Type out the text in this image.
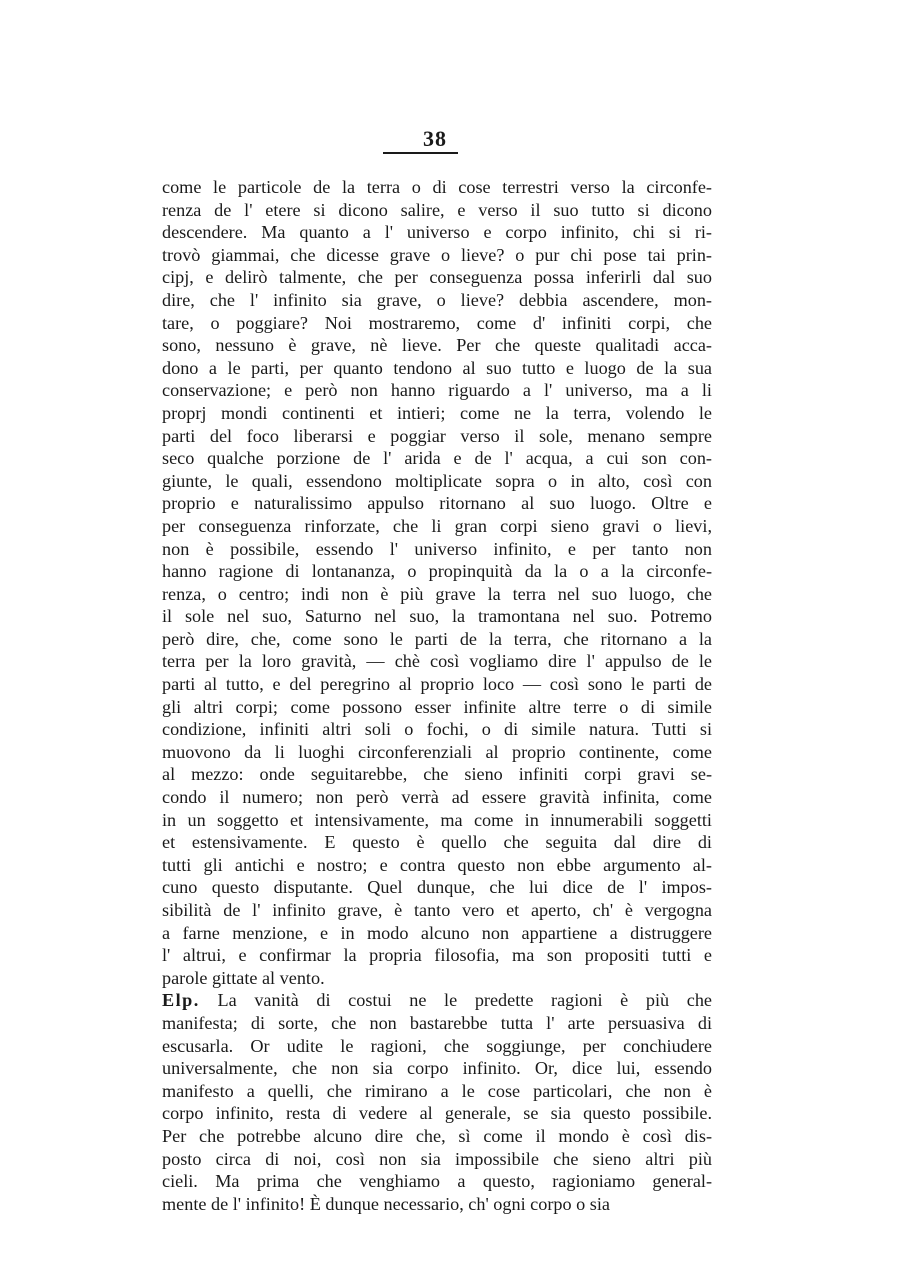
38
come le particole de la terra o di cose terrestri verso la circonfe-
renza de l' etere si dicono salire, e verso il suo tutto si dicono
descendere. Ma quanto a l' universo e corpo infinito, chi si ri-
trovò giammai, che dicesse grave o lieve? o pur chi pose tai prin-
cipj, e delirò talmente, che per conseguenza possa inferirli dal suo
dire, che l' infinito sia grave, o lieve? debbia ascendere, mon-
tare, o poggiare? Noi mostraremo, come d' infiniti corpi, che
sono, nessuno è grave, nè lieve. Per che queste qualitadi acca-
dono a le parti, per quanto tendono al suo tutto e luogo de la sua
conservazione; e però non hanno riguardo a l' universo, ma a li
proprj mondi continenti et intieri; come ne la terra, volendo le
parti del foco liberarsi e poggiar verso il sole, menano sempre
seco qualche porzione de l' arida e de l' acqua, a cui son con-
giunte, le quali, essendono moltiplicate sopra o in alto, così con
proprio e naturalissimo appulso ritornano al suo luogo. Oltre e
per conseguenza rinforzate, che li gran corpi sieno gravi o lievi,
non è possibile, essendo l' universo infinito, e per tanto non
hanno ragione di lontananza, o propinquità da la o a la circonfe-
renza, o centro; indi non è più grave la terra nel suo luogo, che
il sole nel suo, Saturno nel suo, la tramontana nel suo. Potremo
però dire, che, come sono le parti de la terra, che ritornano a la
terra per la loro gravità, — chè così vogliamo dire l' appulso de le
parti al tutto, e del peregrino al proprio loco — così sono le parti de
gli altri corpi; come possono esser infinite altre terre o di simile
condizione, infiniti altri soli o fochi, o di simile natura. Tutti si
muovono da li luoghi circonferenziali al proprio continente, come
al mezzo: onde seguitarebbe, che sieno infiniti corpi gravi se-
condo il numero; non però verrà ad essere gravità infinita, come
in un soggetto et intensivamente, ma come in innumerabili soggetti
et estensivamente. E questo è quello che seguita dal dire di
tutti gli antichi e nostro; e contra questo non ebbe argumento al-
cuno questo disputante. Quel dunque, che lui dice de l' impos-
sibilità de l' infinito grave, è tanto vero et aperto, ch' è vergogna
a farne menzione, e in modo alcuno non appartiene a distruggere
l' altrui, e confirmar la propria filosofia, ma son propositi tutti e
parole gittate al vento.
Elp. La vanità di costui ne le predette ragioni è più che
manifesta; di sorte, che non bastarebbe tutta l' arte persuasiva di
escusarla. Or udite le ragioni, che soggiunge, per conchiudere
universalmente, che non sia corpo infinito. Or, dice lui, essendo
manifesto a quelli, che rimirano a le cose particolari, che non è
corpo infinito, resta di vedere al generale, se sia questo possibile.
Per che potrebbe alcuno dire che, sì come il mondo è così dis-
posto circa di noi, così non sia impossibile che sieno altri più
cieli. Ma prima che venghiamo a questo, ragioniamo general-
mente de l' infinito! È dunque necessario, ch' ogni corpo o sia
